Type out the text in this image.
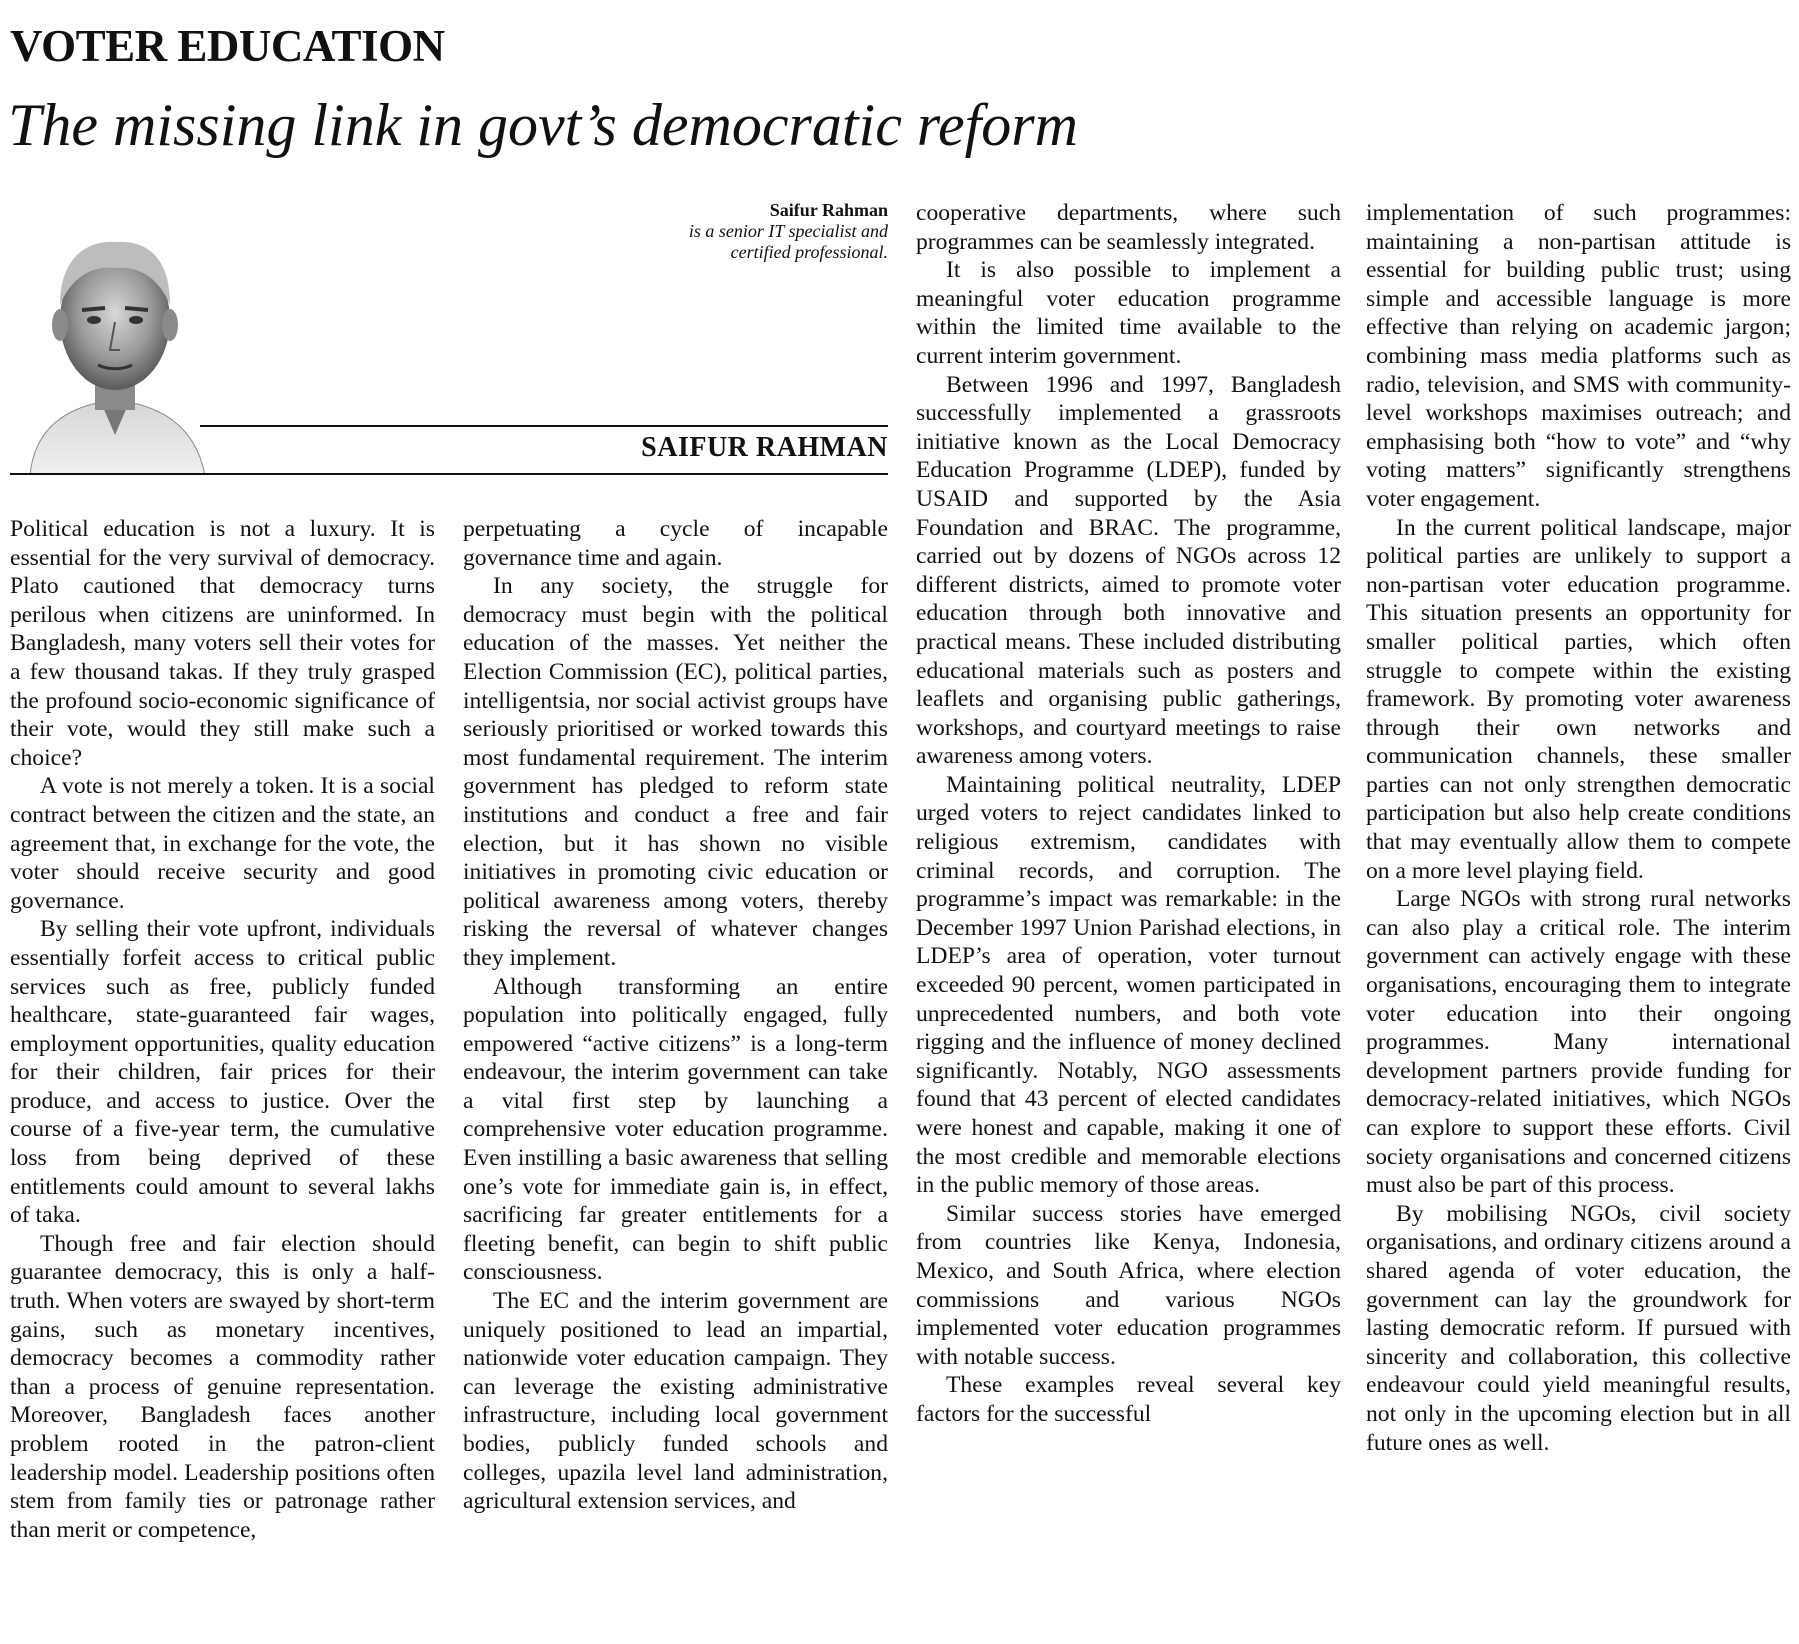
VOTER EDUCATION
The missing link in govt’s democratic reform
Saifur Rahman
is a senior IT specialist and
certified professional.
SAIFUR RAHMAN

Political education is not a luxury. It is essential for the very survival of democracy. Plato cautioned that democracy turns perilous when citizens are uninformed. In Bangladesh, many voters sell their votes for a few thousand takas. If they truly grasped the profound socio-economic significance of their vote, would they still make such a choice?

A vote is not merely a token. It is a social contract between the citizen and the state, an agreement that, in exchange for the vote, the voter should receive security and good governance.

By selling their vote upfront, individuals essentially forfeit access to critical public services such as free, publicly funded healthcare, state-guaranteed fair wages, employment opportunities, quality education for their children, fair prices for their produce, and access to justice. Over the course of a five-year term, the cumulative loss from being deprived of these entitlements could amount to several lakhs of taka.

Though free and fair election should guarantee democracy, this is only a half-truth. When voters are swayed by short-term gains, such as monetary incentives, democracy becomes a commodity rather than a process of genuine representation. Moreover, Bangladesh faces another problem rooted in the patron-client leadership model. Leadership positions often stem from family ties or patronage rather than merit or competence,

perpetuating a cycle of incapable governance time and again.

In any society, the struggle for democracy must begin with the political education of the masses. Yet neither the Election Commission (EC), political parties, intelligentsia, nor social activist groups have seriously prioritised or worked towards this most fundamental requirement. The interim government has pledged to reform state institutions and conduct a free and fair election, but it has shown no visible initiatives in promoting civic education or political awareness among voters, thereby risking the reversal of whatever changes they implement.

Although transforming an entire population into politically engaged, fully empowered “active citizens” is a long-term endeavour, the interim government can take a vital first step by launching a comprehensive voter education programme. Even instilling a basic awareness that selling one’s vote for immediate gain is, in effect, sacrificing far greater entitlements for a fleeting benefit, can begin to shift public consciousness.

The EC and the interim government are uniquely positioned to lead an impartial, nationwide voter education campaign. They can leverage the existing administrative infrastructure, including local government bodies, publicly funded schools and colleges, upazila level land administration, agricultural extension services, and

cooperative departments, where such programmes can be seamlessly integrated.

It is also possible to implement a meaningful voter education programme within the limited time available to the current interim government.

Between 1996 and 1997, Bangladesh successfully implemented a grassroots initiative known as the Local Democracy Education Programme (LDEP), funded by USAID and supported by the Asia Foundation and BRAC. The programme, carried out by dozens of NGOs across 12 different districts, aimed to promote voter education through both innovative and practical means. These included distributing educational materials such as posters and leaflets and organising public gatherings, workshops, and courtyard meetings to raise awareness among voters.

Maintaining political neutrality, LDEP urged voters to reject candidates linked to religious extremism, candidates with criminal records, and corruption. The programme’s impact was remarkable: in the December 1997 Union Parishad elections, in LDEP’s area of operation, voter turnout exceeded 90 percent, women participated in unprecedented numbers, and both vote rigging and the influence of money declined significantly. Notably, NGO assessments found that 43 percent of elected candidates were honest and capable, making it one of the most credible and memorable elections in the public memory of those areas.

Similar success stories have emerged from countries like Kenya, Indonesia, Mexico, and South Africa, where election commissions and various NGOs implemented voter education programmes with notable success.

These examples reveal several key factors for the successful

implementation of such programmes: maintaining a non-partisan attitude is essential for building public trust; using simple and accessible language is more effective than relying on academic jargon; combining mass media platforms such as radio, television, and SMS with community-level workshops maximises outreach; and emphasising both “how to vote” and “why voting matters” significantly strengthens voter engagement.

In the current political landscape, major political parties are unlikely to support a non-partisan voter education programme. This situation presents an opportunity for smaller political parties, which often struggle to compete within the existing framework. By promoting voter awareness through their own networks and communication channels, these smaller parties can not only strengthen democratic participation but also help create conditions that may eventually allow them to compete on a more level playing field.

Large NGOs with strong rural networks can also play a critical role. The interim government can actively engage with these organisations, encouraging them to integrate voter education into their ongoing programmes. Many international development partners provide funding for democracy-related initiatives, which NGOs can explore to support these efforts. Civil society organisations and concerned citizens must also be part of this process.

By mobilising NGOs, civil society organisations, and ordinary citizens around a shared agenda of voter education, the government can lay the groundwork for lasting democratic reform. If pursued with sincerity and collaboration, this collective endeavour could yield meaningful results, not only in the upcoming election but in all future ones as well.
